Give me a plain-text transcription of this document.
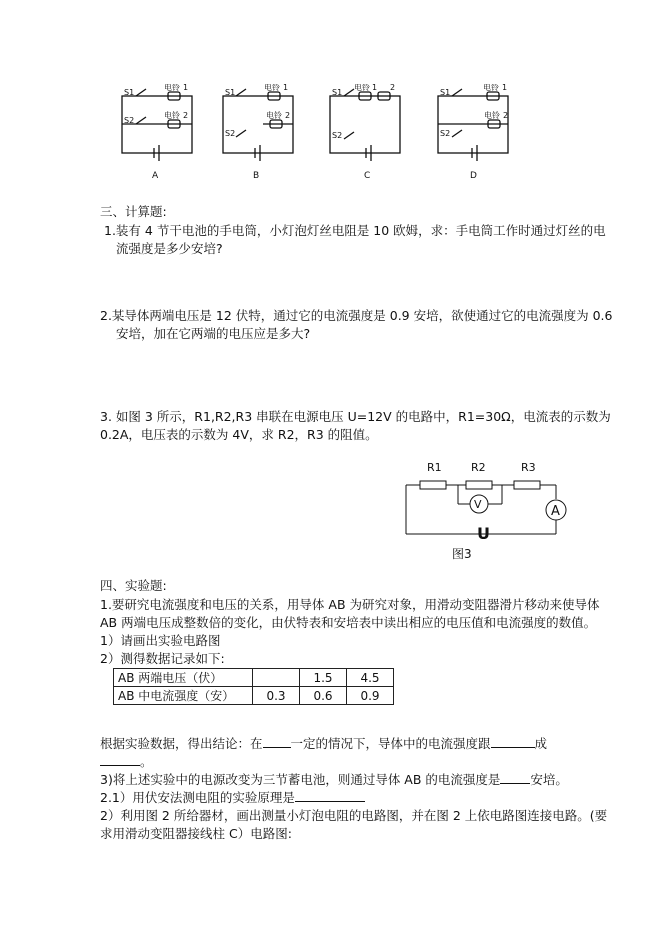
S1
S2
电铃 1
电铃 2
S1
S2
电铃 1
电铃 2
S1
S2
电铃 1 2
S1
S2
电铃 1
电铃 2
A	B	C	D
三、计算题:
1.装有 4 节干电池的手电筒，小灯泡灯丝电阻是 10 欧姆，求：手电筒工作时通过灯丝的电
流强度是多少安培?
2.某导体两端电压是 12 伏特，通过它的电流强度是 0.9 安培，欲使通过它的电流强度为 0.6
安培，加在它两端的电压应是多大?
3. 如图 3 所示，R1,R2,R3 串联在电源电压 U=12V 的电路中，R1=30Ω，电流表的示数为
0.2A，电压表的示数为 4V，求 R2，R3 的阻值。
R1	R2	R3
V	A
U
图3
四、实验题:
1.要研究电流强度和电压的关系，用导体 AB 为研究对象，用滑动变阻器滑片移动来使导体
AB 两端电压成整数倍的变化，由伏特表和安培表中读出相应的电压值和电流强度的数值。
1）请画出实验电路图
2）测得数据记录如下:
AB 两端电压（伏）		1.5	4.5
AB 中电流强度（安）	0.3	0.6	0.9
根据实验数据，得出结论：在 一定的情况下，导体中的电流强度跟	成
。
3)将上述实验中的电源改变为三节蓄电池，则通过导体 AB 的电流强度是 安培。
2.1）用伏安法测电阻的实验原理是
2）利用图 2 所给器材，画出测量小灯泡电阻的电路图，并在图 2 上依电路图连接电路。(要
求用滑动变阻器接线柱 C）电路图:
